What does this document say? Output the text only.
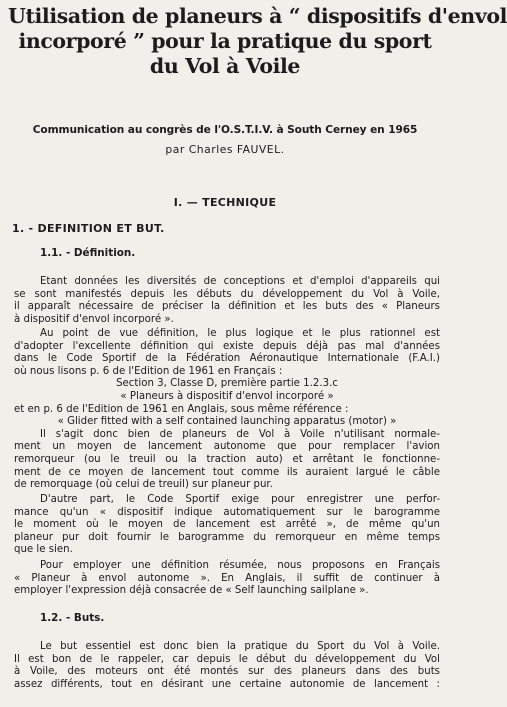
Utilisation de planeurs à “ dispositifs d'envol
incorporé ” pour la pratique du sport
du Vol à Voile
Communication au congrès de l'O.S.T.I.V. à South Cerney en 1965
par Charles FAUVEL.
I. — TECHNIQUE
1. - DEFINITION ET BUT.
1.1. - Définition.
Etant données les diversités de conceptions et d'emploi d'appareils qui
se sont manifestés depuis les débuts du développement du Vol à Voile,
il apparaît nécessaire de préciser la définition et les buts des « Planeurs
à dispositif d'envol incorporé ».
Au point de vue définition, le plus logique et le plus rationnel est
d'adopter l'excellente définition qui existe depuis déjà pas mal d'années
dans le Code Sportif de la Fédération Aéronautique Internationale (F.A.I.)
où nous lisons p. 6 de l'Edition de 1961 en Français :
Section 3, Classe D, première partie 1.2.3.c
« Planeurs à dispositif d'envol incorporé »
et en p. 6 de l'Edition de 1961 en Anglais, sous même référence :
« Glider fitted with a self contained launching apparatus (motor) »
Il s'agit donc bien de planeurs de Vol à Voile n'utilisant normale-
ment un moyen de lancement autonome que pour remplacer l'avion
remorqueur (ou le treuil ou la traction auto) et arrêtant le fonctionne-
ment de ce moyen de lancement tout comme ils auraient largué le câble
de remorquage (où celui de treuil) sur planeur pur.
D'autre part, le Code Sportif exige pour enregistrer une perfor-
mance qu'un « dispositif indique automatiquement sur le barogramme
le moment où le moyen de lancement est arrêté », de même qu'un
planeur pur doit fournir le barogramme du remorqueur en même temps
que le sien.
Pour employer une définition résumée, nous proposons en Français
« Planeur à envol autonome ». En Anglais, il suffit de continuer à
employer l'expression déjà consacrée de « Self launching sailplane ».
1.2. - Buts.
Le but essentiel est donc bien la pratique du Sport du Vol à Voile.
Il est bon de le rappeler, car depuis le début du développement du Vol
à Voile, des moteurs ont été montés sur des planeurs dans des buts
assez différents, tout en désirant une certaine autonomie de lancement :
